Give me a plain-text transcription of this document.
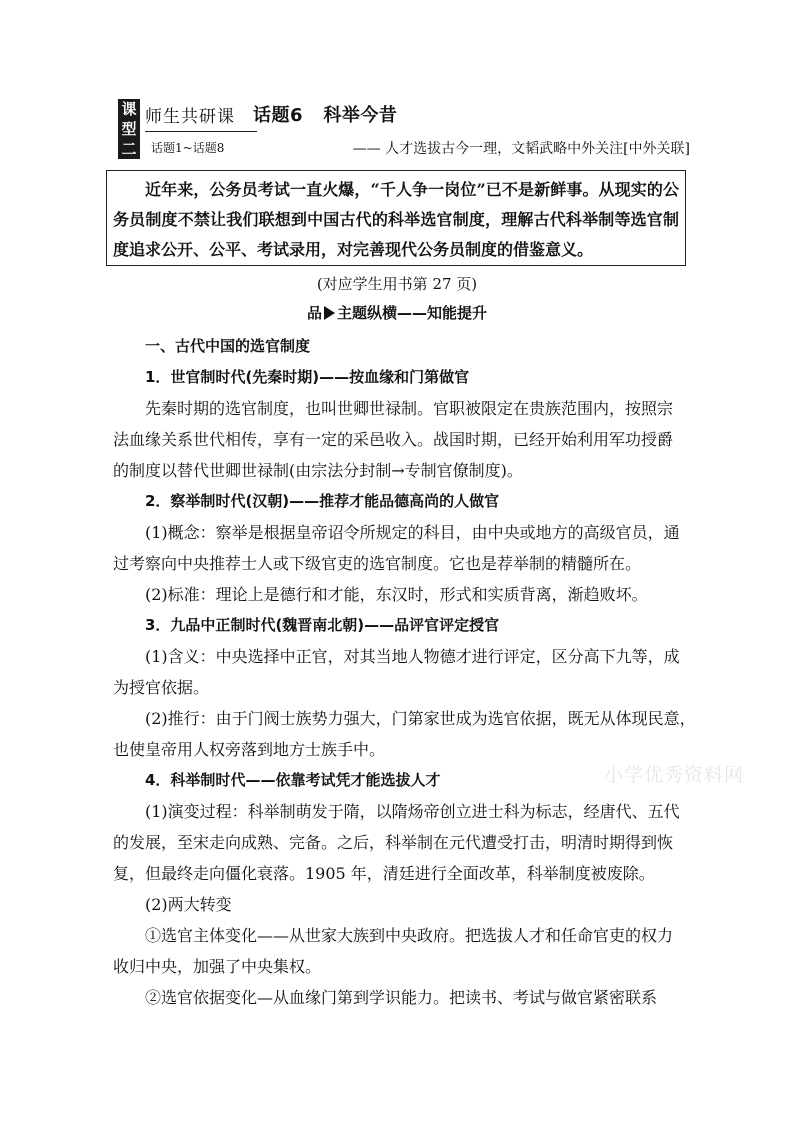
课
型
二
师生共研课
话题1~话题8
话题6   科举今昔
—— 人才选拔古今一理，文韬武略中外关注[中外关联]

近年来，公务员考试一直火爆，“千人争一岗位”已不是新鲜事。从现实的公务员制度不禁让我们联想到中国古代的科举选官制度，理解古代科举制等选官制度追求公开、公平、考试录用，对完善现代公务员制度的借鉴意义。

(对应学生用书第 27 页)
品 主题纵横——知能提升
一、古代中国的选官制度
1．世官制时代(先秦时期)——按血缘和门第做官
先秦时期的选官制度，也叫世卿世禄制。官职被限定在贵族范围内，按照宗
法血缘关系世代相传，享有一定的采邑收入。战国时期，已经开始利用军功授爵
的制度以替代世卿世禄制(由宗法分封制→专制官僚制度)。
2．察举制时代(汉朝)——推荐才能品德高尚的人做官
(1)概念：察举是根据皇帝诏令所规定的科目，由中央或地方的高级官员，通
过考察向中央推荐士人或下级官吏的选官制度。它也是荐举制的精髓所在。
(2)标准：理论上是德行和才能，东汉时，形式和实质背离，渐趋败坏。
3．九品中正制时代(魏晋南北朝)——品评官评定授官
(1)含义：中央选择中正官，对其当地人物德才进行评定，区分高下九等，成
为授官依据。
(2)推行：由于门阀士族势力强大，门第家世成为选官依据，既无从体现民意，
也使皇帝用人权旁落到地方士族手中。
4．科举制时代——依靠考试凭才能选拔人才
(1)演变过程：科举制萌发于隋，以隋炀帝创立进士科为标志，经唐代、五代
的发展，至宋走向成熟、完备。之后，科举制在元代遭受打击，明清时期得到恢
复，但最终走向僵化衰落。1905 年，清廷进行全面改革，科举制度被废除。
(2)两大转变
①选官主体变化——从世家大族到中央政府。把选拔人才和任命官吏的权力
收归中央，加强了中央集权。
②选官依据变化—从血缘门第到学识能力。把读书、考试与做官紧密联系
小学优秀资料网
